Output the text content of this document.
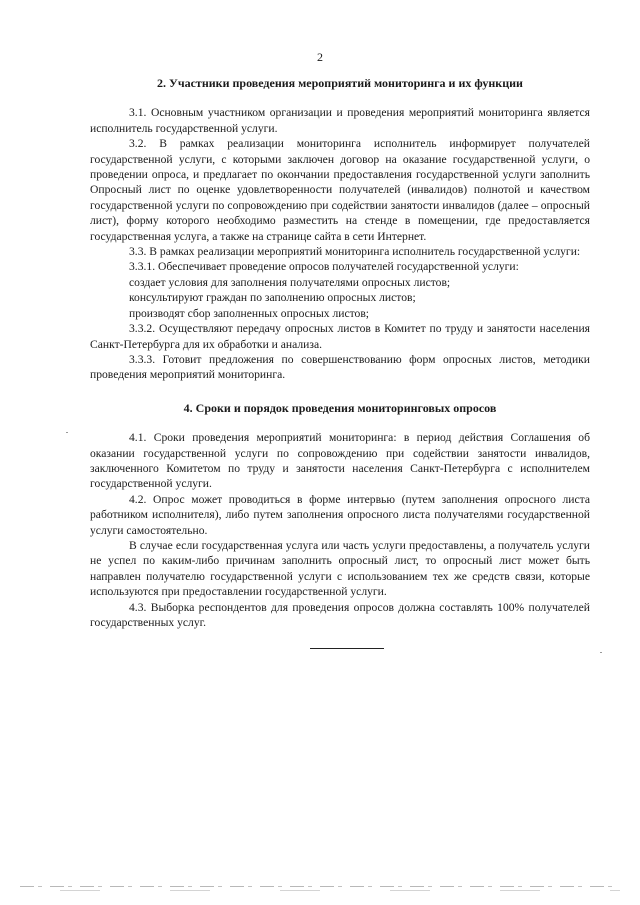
2
2. Участники проведения мероприятий мониторинга и их функции

3.1. Основным участником организации и проведения мероприятий мониторинга является исполнитель государственной услуги.

3.2. В рамках реализации мониторинга исполнитель информирует получателей государственной услуги, с которыми заключен договор на оказание государственной услуги, о проведении опроса, и предлагает по окончании предоставления государственной услуги заполнить Опросный лист по оценке удовлетворенности получателей (инвалидов) полнотой и качеством государственной услуги по сопровождению при содействии занятости инвалидов (далее – опросный лист), форму которого необходимо разместить на стенде в помещении, где предоставляется государственная услуга, а также на странице сайта в сети Интернет.

3.3. В рамках реализации мероприятий мониторинга исполнитель государственной услуги:

3.3.1. Обеспечивает проведение опросов получателей государственной услуги:

создает условия для заполнения получателями опросных листов;

консультируют граждан по заполнению опросных листов;

производят сбор заполненных опросных листов;

3.3.2. Осуществляют передачу опросных листов в Комитет по труду и занятости населения Санкт-Петербурга для их обработки и анализа.

3.3.3. Готовит предложения по совершенствованию форм опросных листов, методики проведения мероприятий мониторинга.

4. Сроки и порядок проведения мониторинговых опросов

4.1. Сроки проведения мероприятий мониторинга: в период действия Соглашения об оказании государственной услуги по сопровождению при содействии занятости инвалидов, заключенного Комитетом по труду и занятости населения Санкт-Петербурга с исполнителем государственной услуги.

4.2. Опрос может проводиться в форме интервью (путем заполнения опросного листа работником исполнителя), либо путем заполнения опросного листа получателями государственной услуги самостоятельно.

В случае если государственная услуга или часть услуги предоставлены, а получатель услуги не успел по каким-либо причинам заполнить опросный лист, то опросный лист может быть направлен получателю государственной услуги с использованием тех же средств связи, которые используются при предоставлении государственной услуги.

4.3. Выборка респондентов для проведения опросов должна составлять 100% получателей государственных услуг.
